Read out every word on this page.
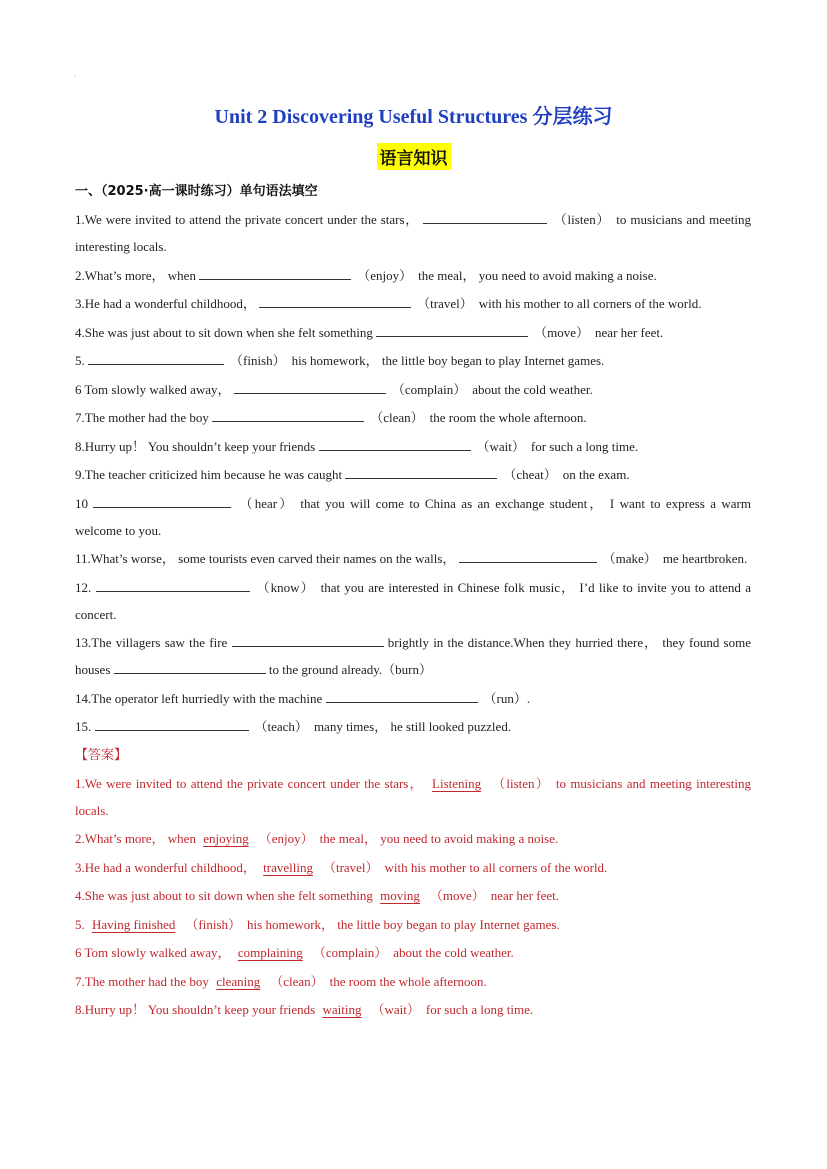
.
Unit 2 Discovering Useful Structures 分层练习
语言知识
一、（2025·高一课时练习）单句语法填空
1.We were invited to attend the private concert under the stars，	（listen） to musicians and meeting interesting locals.
2.What’s more， when	（enjoy） the meal， you need to avoid making a noise.
3.He had a wonderful childhood，	（travel） with his mother to all corners of the world.
4.She was just about to sit down when she felt something	（move） near her feet.
5.	（finish） his homework， the little boy began to play Internet games.
6 Tom slowly walked away，	（complain） about the cold weather.
7.The mother had the boy	（clean） the room the whole afternoon.
8.Hurry up！ You shouldn’t keep your friends	（wait） for such a long time.
9.The teacher criticized him because he was caught	（cheat） on the exam.
10	（hear） that you will come to China as an exchange student， I want to express a warm welcome to you.
11.What’s worse， some tourists even carved their names on the walls，	（make） me heartbroken.
12.	（know） that you are interested in Chinese folk music， I’d like to invite you to attend a concert.
13.The villagers saw the fire	brightly in the distance.When they hurried there， they found some houses	to the ground already.（burn）
14.The operator left hurriedly with the machine	（run）.
15.	（teach） many times， he still looked puzzled.
【答案】
1.We were invited to attend the private concert under the stars， Listening （listen） to musicians and meeting interesting locals.
2.What’s more， when enjoying （enjoy） the meal， you need to avoid making a noise.
3.He had a wonderful childhood， travelling （travel） with his mother to all corners of the world.
4.She was just about to sit down when she felt something moving （move） near her feet.
5. Having finished （finish） his homework， the little boy began to play Internet games.
6 Tom slowly walked away， complaining （complain） about the cold weather.
7.The mother had the boy cleaning （clean） the room the whole afternoon.
8.Hurry up！ You shouldn’t keep your friends waiting （wait） for such a long time.
